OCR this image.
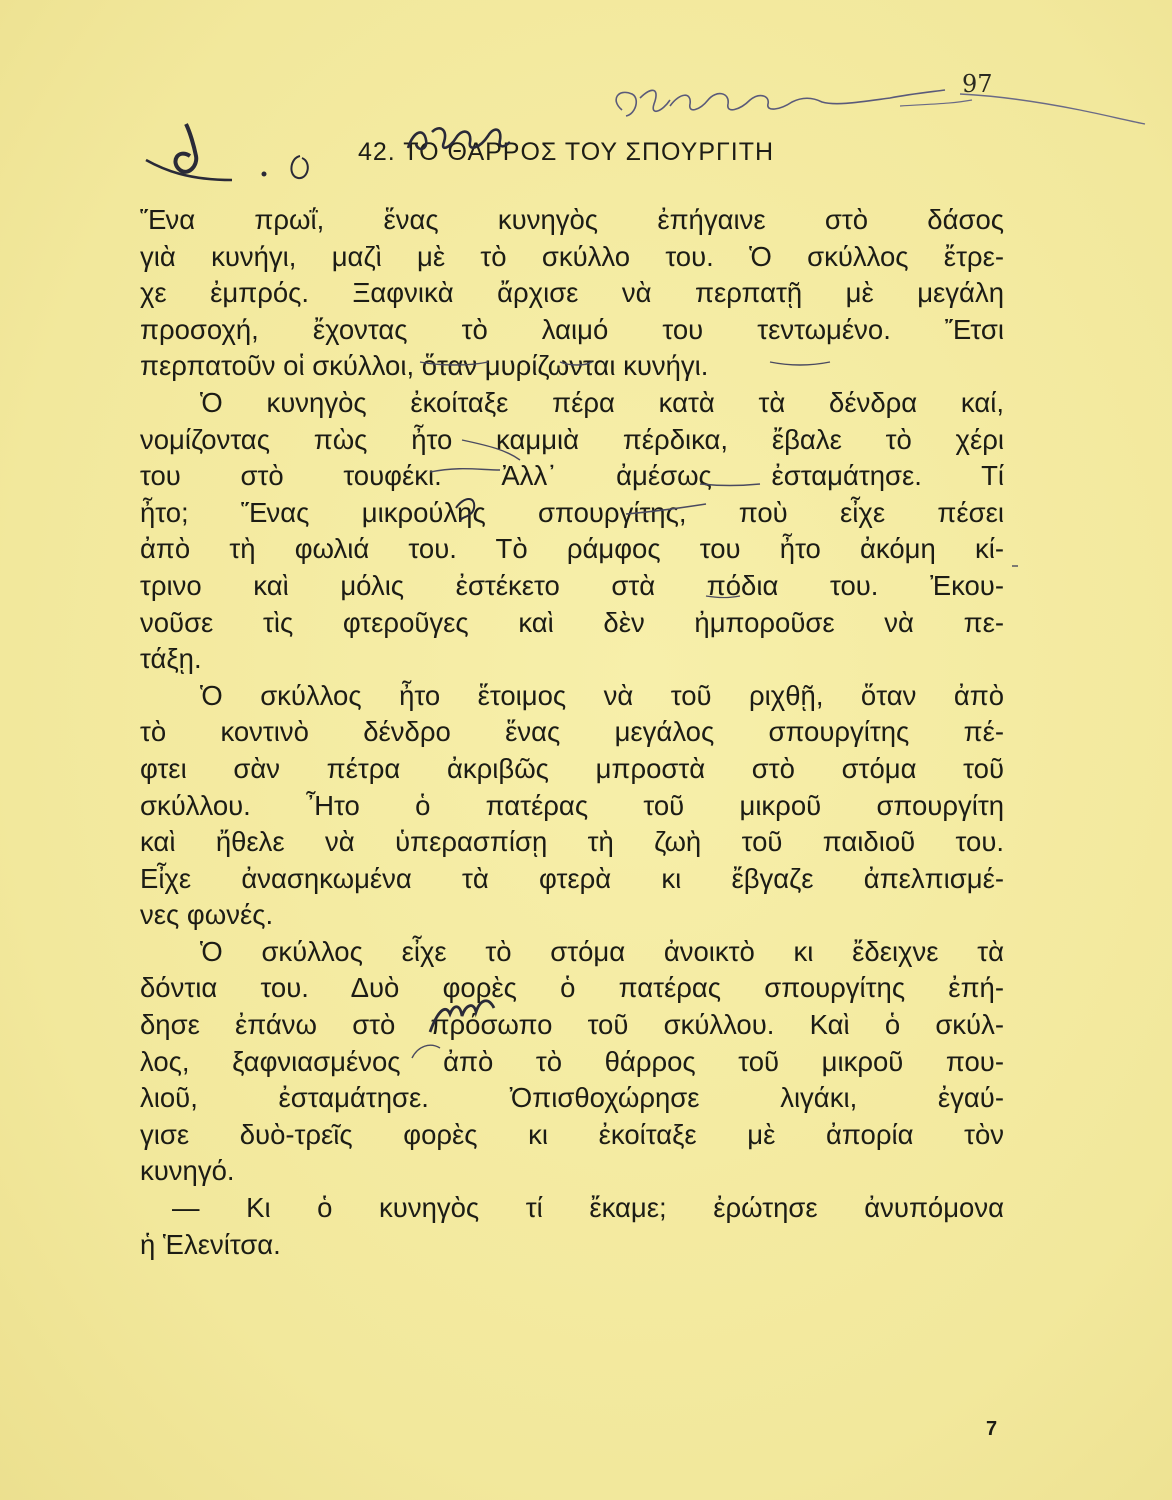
97
42. ΤΟ ΘΑΡΡΟΣ ΤΟΥ ΣΠΟΥΡΓΙΤΗ
Ἕνα πρωΐ, ἕνας κυνηγὸς ἐπήγαινε στὸ δάσος
γιὰ κυνήγι, μαζὶ μὲ τὸ σκύλλο του. Ὁ σκύλλος ἔτρε-
χε ἐμπρός. Ξαφνικὰ ἄρχισε νὰ περπατῇ μὲ μεγάλη
προσοχή, ἔχοντας τὸ λαιμό του τεντωμένο. Ἔτσι
περπατοῦν οἱ σκύλλοι, ὅταν μυρίζωνται κυνήγι.
Ὁ κυνηγὸς ἐκοίταξε πέρα κατὰ τὰ δένδρα καί,
νομίζοντας πὼς ἦτο καμμιὰ πέρδικα, ἔβαλε τὸ χέρι
του στὸ τουφέκι. Ἀλλ᾽ ἀμέσως ἐσταμάτησε. Τί
ἦτο; Ἕνας μικρούλης σπουργίτης, ποὺ εἶχε πέσει
ἀπὸ τὴ φωλιά του. Τὸ ράμφος του ἦτο ἀκόμη κί-
τρινο καὶ μόλις ἐστέκετο στὰ πόδια του. Ἐκου-
νοῦσε τὶς φτεροῦγες καὶ δὲν ἠμποροῦσε νὰ πε-
τάξῃ.
Ὁ σκύλλος ἦτο ἕτοιμος νὰ τοῦ ριχθῇ, ὅταν ἀπὸ
τὸ κοντινὸ δένδρο ἕνας μεγάλος σπουργίτης πέ-
φτει σὰν πέτρα ἀκριβῶς μπροστὰ στὸ στόμα τοῦ
σκύλλου. Ἦτο ὁ πατέρας τοῦ μικροῦ σπουργίτη
καὶ ἤθελε νὰ ὑπερασπίσῃ τὴ ζωὴ τοῦ παιδιοῦ του.
Εἶχε ἀνασηκωμένα τὰ φτερὰ κι ἔβγαζε ἀπελπισμέ-
νες φωνές.
Ὁ σκύλλος εἶχε τὸ στόμα ἀνοικτὸ κι ἔδειχνε τὰ
δόντια του. Δυὸ φορὲς ὁ πατέρας σπουργίτης ἐπή-
δησε ἐπάνω στὸ πρόσωπο τοῦ σκύλλου. Καὶ ὁ σκύλ-
λος, ξαφνιασμένος ἀπὸ τὸ θάρρος τοῦ μικροῦ που-
λιοῦ, ἐσταμάτησε. Ὀπισθοχώρησε λιγάκι, ἐγαύ-
γισε δυὸ-τρεῖς φορὲς κι ἐκοίταξε μὲ ἀπορία τὸν
κυνηγό.
— Κι ὁ κυνηγὸς τί ἔκαμε; ἐρώτησε ἀνυπόμονα
ἡ Ἑλενίτσα.
7
